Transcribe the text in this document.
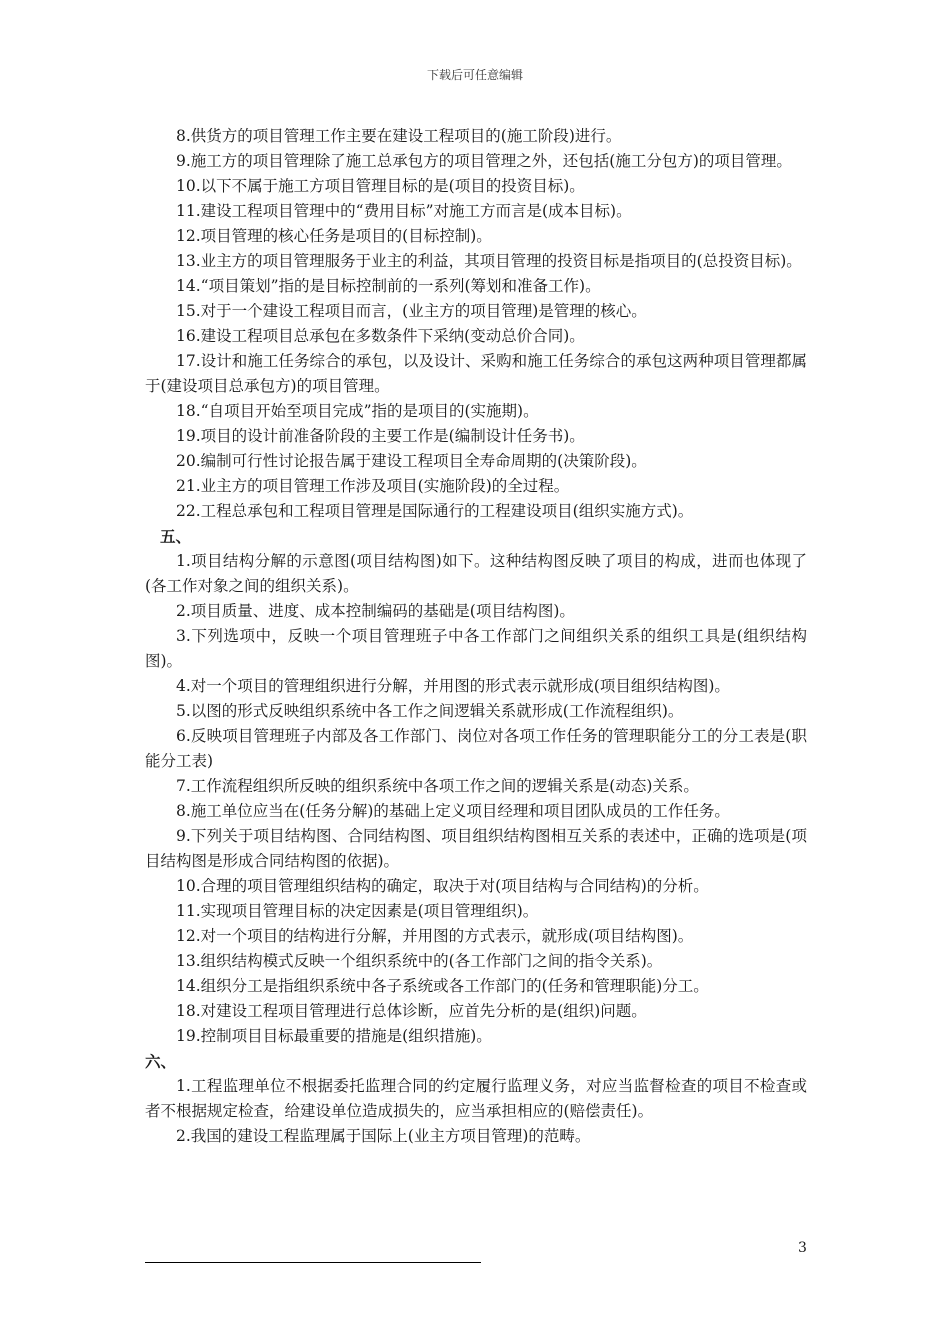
下载后可任意编辑

8.供货方的项目管理工作主要在建设工程项目的(施工阶段)进行。

9.施工方的项目管理除了施工总承包方的项目管理之外，还包括(施工分包方)的项目管理。

10.以下不属于施工方项目管理目标的是(项目的投资目标)。

11.建设工程项目管理中的“费用目标”对施工方而言是(成本目标)。

12.项目管理的核心任务是项目的(目标控制)。

13.业主方的项目管理服务于业主的利益，其项目管理的投资目标是指项目的(总投资目标)。

14.“项目策划”指的是目标控制前的一系列(筹划和准备工作)。

15.对于一个建设工程项目而言，(业主方的项目管理)是管理的核心。

16.建设工程项目总承包在多数条件下采纳(变动总价合同)。

17.设计和施工任务综合的承包，以及设计、采购和施工任务综合的承包这两种项目管理都属于(建设项目总承包方)的项目管理。

18.“自项目开始至项目完成”指的是项目的(实施期)。

19.项目的设计前准备阶段的主要工作是(编制设计任务书)。

20.编制可行性讨论报告属于建设工程项目全寿命周期的(决策阶段)。

21.业主方的项目管理工作涉及项目(实施阶段)的全过程。

22.工程总承包和工程项目管理是国际通行的工程建设项目(组织实施方式)。

五、

1.项目结构分解的示意图(项目结构图)如下。这种结构图反映了项目的构成，进而也体现了(各工作对象之间的组织关系)。

2.项目质量、进度、成本控制编码的基础是(项目结构图)。

3.下列选项中，反映一个项目管理班子中各工作部门之间组织关系的组织工具是(组织结构图)。

4.对一个项目的管理组织进行分解，并用图的形式表示就形成(项目组织结构图)。

5.以图的形式反映组织系统中各工作之间逻辑关系就形成(工作流程组织)。

6.反映项目管理班子内部及各工作部门、岗位对各项工作任务的管理职能分工的分工表是(职能分工表)

7.工作流程组织所反映的组织系统中各项工作之间的逻辑关系是(动态)关系。

8.施工单位应当在(任务分解)的基础上定义项目经理和项目团队成员的工作任务。

9.下列关于项目结构图、合同结构图、项目组织结构图相互关系的表述中，正确的选项是(项目结构图是形成合同结构图的依据)。

10.合理的项目管理组织结构的确定，取决于对(项目结构与合同结构)的分析。

11.实现项目管理目标的决定因素是(项目管理组织)。

12.对一个项目的结构进行分解，并用图的方式表示，就形成(项目结构图)。

13.组织结构模式反映一个组织系统中的(各工作部门之间的指令关系)。

14.组织分工是指组织系统中各子系统或各工作部门的(任务和管理职能)分工。

18.对建设工程项目管理进行总体诊断，应首先分析的是(组织)问题。

19.控制项目目标最重要的措施是(组织措施)。

六、

1.工程监理单位不根据委托监理合同的约定履行监理义务，对应当监督检查的项目不检查或者不根据规定检查，给建设单位造成损失的，应当承担相应的(赔偿责任)。

2.我国的建设工程监理属于国际上(业主方项目管理)的范畴。

3
